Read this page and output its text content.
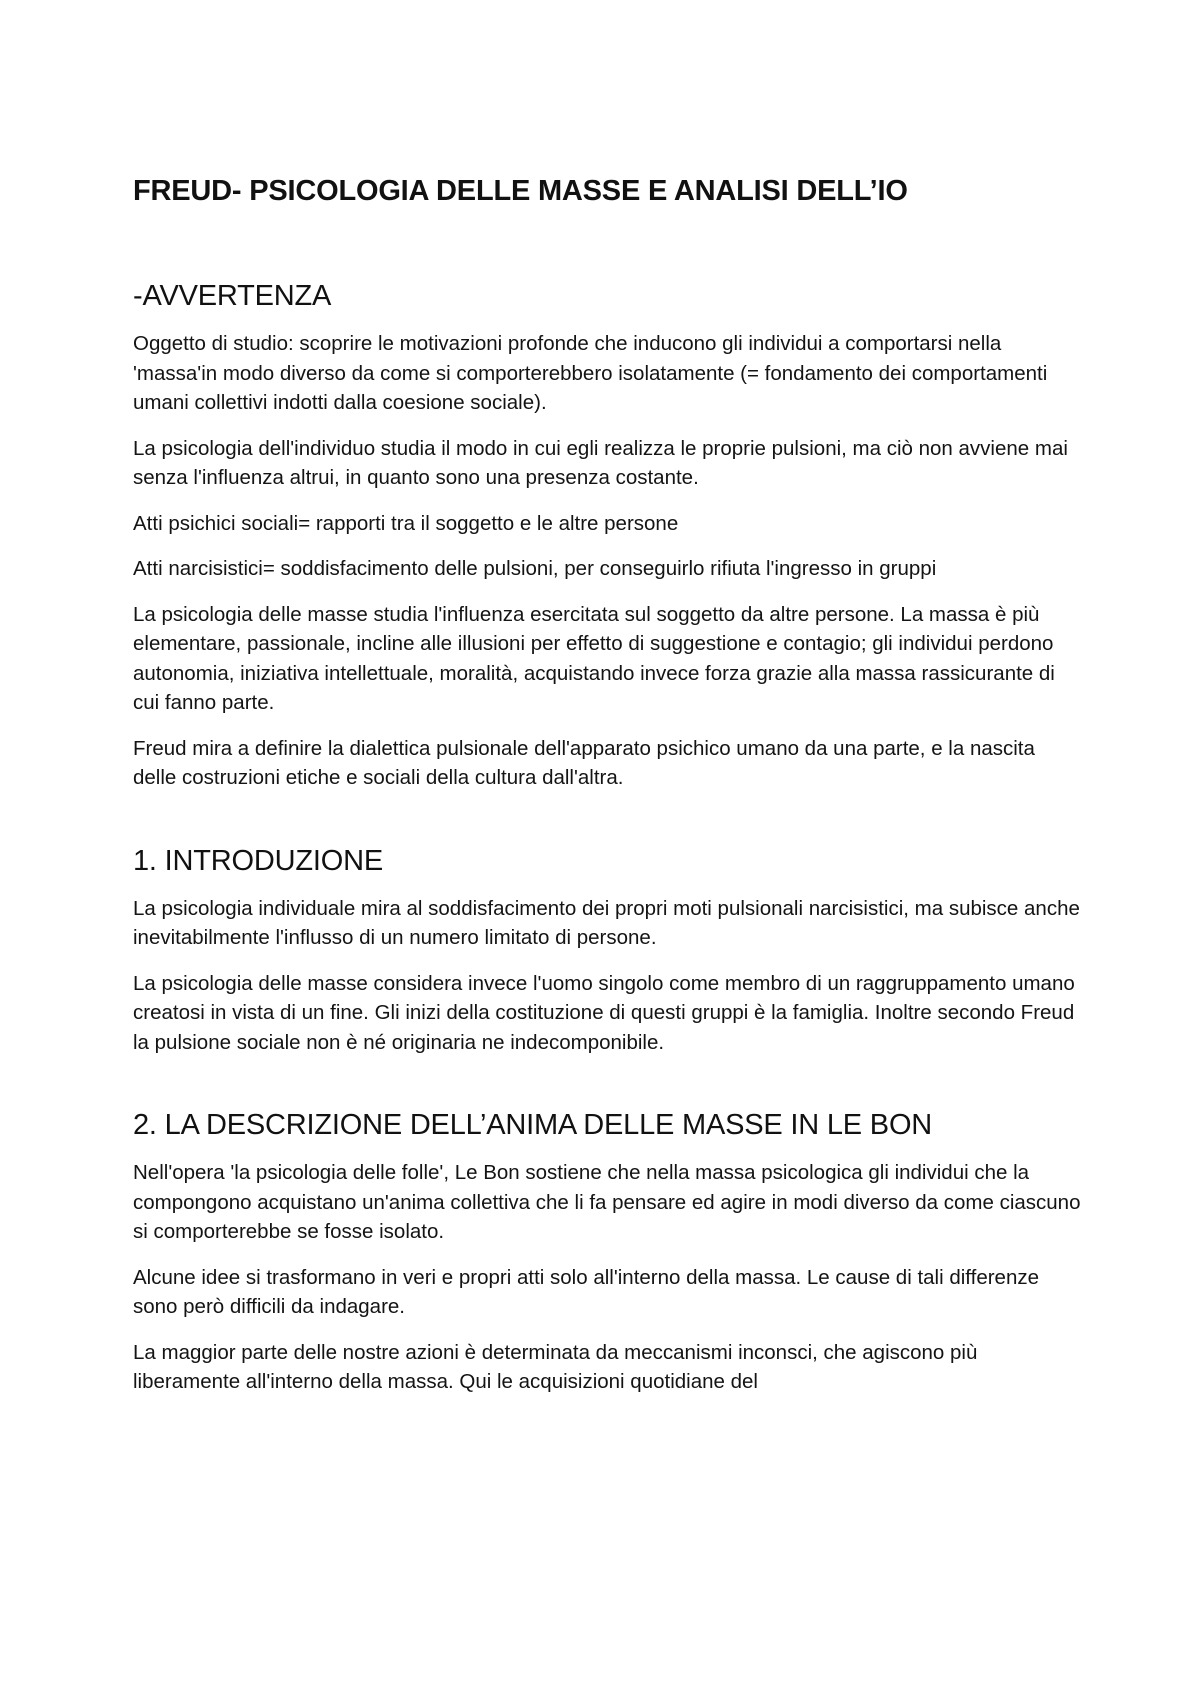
FREUD- PSICOLOGIA DELLE MASSE E ANALISI DELL’IO
-AVVERTENZA

Oggetto di studio: scoprire le motivazioni profonde che inducono gli individui a comportarsi nella 'massa'in modo diverso da come si comporterebbero isolatamente (= fondamento dei comportamenti umani collettivi indotti dalla coesione sociale).

La psicologia dell'individuo studia il modo in cui egli realizza le proprie pulsioni, ma ciò non avviene mai senza l'influenza altrui, in quanto sono una presenza costante.

Atti psichici sociali= rapporti tra il soggetto e le altre persone

Atti narcisistici= soddisfacimento delle pulsioni, per conseguirlo rifiuta l'ingresso in gruppi

La psicologia delle masse studia l'influenza esercitata sul soggetto da altre persone. La massa è più elementare, passionale, incline alle illusioni per effetto di suggestione e contagio; gli individui perdono autonomia, iniziativa intellettuale, moralità, acquistando invece forza grazie alla massa rassicurante di cui fanno parte.

Freud mira a definire la dialettica pulsionale dell'apparato psichico umano da una parte, e la nascita delle costruzioni etiche e sociali della cultura dall'altra.

1. INTRODUZIONE

La psicologia individuale mira al soddisfacimento dei propri moti pulsionali narcisistici, ma subisce anche inevitabilmente l'influsso di un numero limitato di persone.

La psicologia delle masse considera invece l'uomo singolo come membro di un raggruppamento umano creatosi in vista di un fine. Gli inizi della costituzione di questi gruppi è la famiglia. Inoltre secondo Freud la pulsione sociale non è né originaria ne indecomponibile.

2. LA DESCRIZIONE DELL’ANIMA DELLE MASSE IN LE BON

Nell'opera 'la psicologia delle folle', Le Bon sostiene che nella massa psicologica gli individui che la compongono acquistano un'anima collettiva che li fa pensare ed agire in modi diverso da come ciascuno si comporterebbe se fosse isolato.

Alcune idee si trasformano in veri e propri atti solo all'interno della massa. Le cause di tali differenze sono però difficili da indagare.

La maggior parte delle nostre azioni è determinata da meccanismi inconsci, che agiscono più liberamente all'interno della massa. Qui le acquisizioni quotidiane del
